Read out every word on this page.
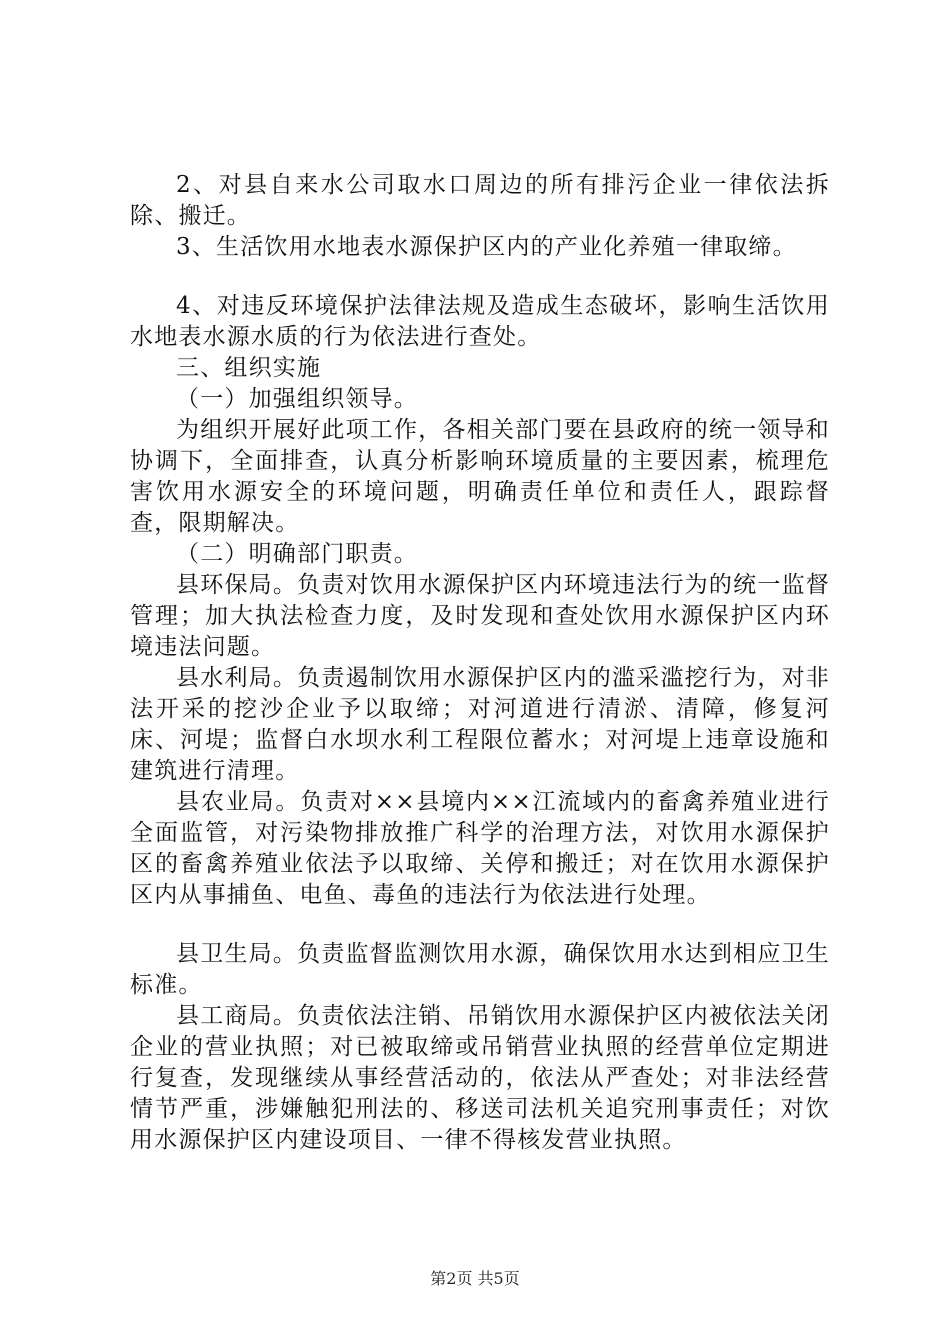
2、对县自来水公司取水口周边的所有排污企业一律依法拆除、搬迁。

3、生活饮用水地表水源保护区内的产业化养殖一律取缔。

4、对违反环境保护法律法规及造成生态破坏，影响生活饮用水地表水源水质的行为依法进行查处。

三、组织实施

（一）加强组织领导。

为组织开展好此项工作，各相关部门要在县政府的统一领导和协调下，全面排查，认真分析影响环境质量的主要因素，梳理危害饮用水源安全的环境问题，明确责任单位和责任人，跟踪督查，限期解决。

（二）明确部门职责。

县环保局。负责对饮用水源保护区内环境违法行为的统一监督管理；加大执法检查力度，及时发现和查处饮用水源保护区内环境违法问题。

县水利局。负责遏制饮用水源保护区内的滥采滥挖行为，对非法开采的挖沙企业予以取缔；对河道进行清淤、清障，修复河床、河堤；监督白水坝水利工程限位蓄水；对河堤上违章设施和建筑进行清理。

县农业局。负责对××县境内××江流域内的畜禽养殖业进行全面监管，对污染物排放推广科学的治理方法，对饮用水源保护区的畜禽养殖业依法予以取缔、关停和搬迁；对在饮用水源保护区内从事捕鱼、电鱼、毒鱼的违法行为依法进行处理。

县卫生局。负责监督监测饮用水源，确保饮用水达到相应卫生标准。

县工商局。负责依法注销、吊销饮用水源保护区内被依法关闭企业的营业执照；对已被取缔或吊销营业执照的经营单位定期进行复查，发现继续从事经营活动的，依法从严查处；对非法经营情节严重，涉嫌触犯刑法的、移送司法机关追究刑事责任；对饮用水源保护区内建设项目、一律不得核发营业执照。

第2页 共5页
